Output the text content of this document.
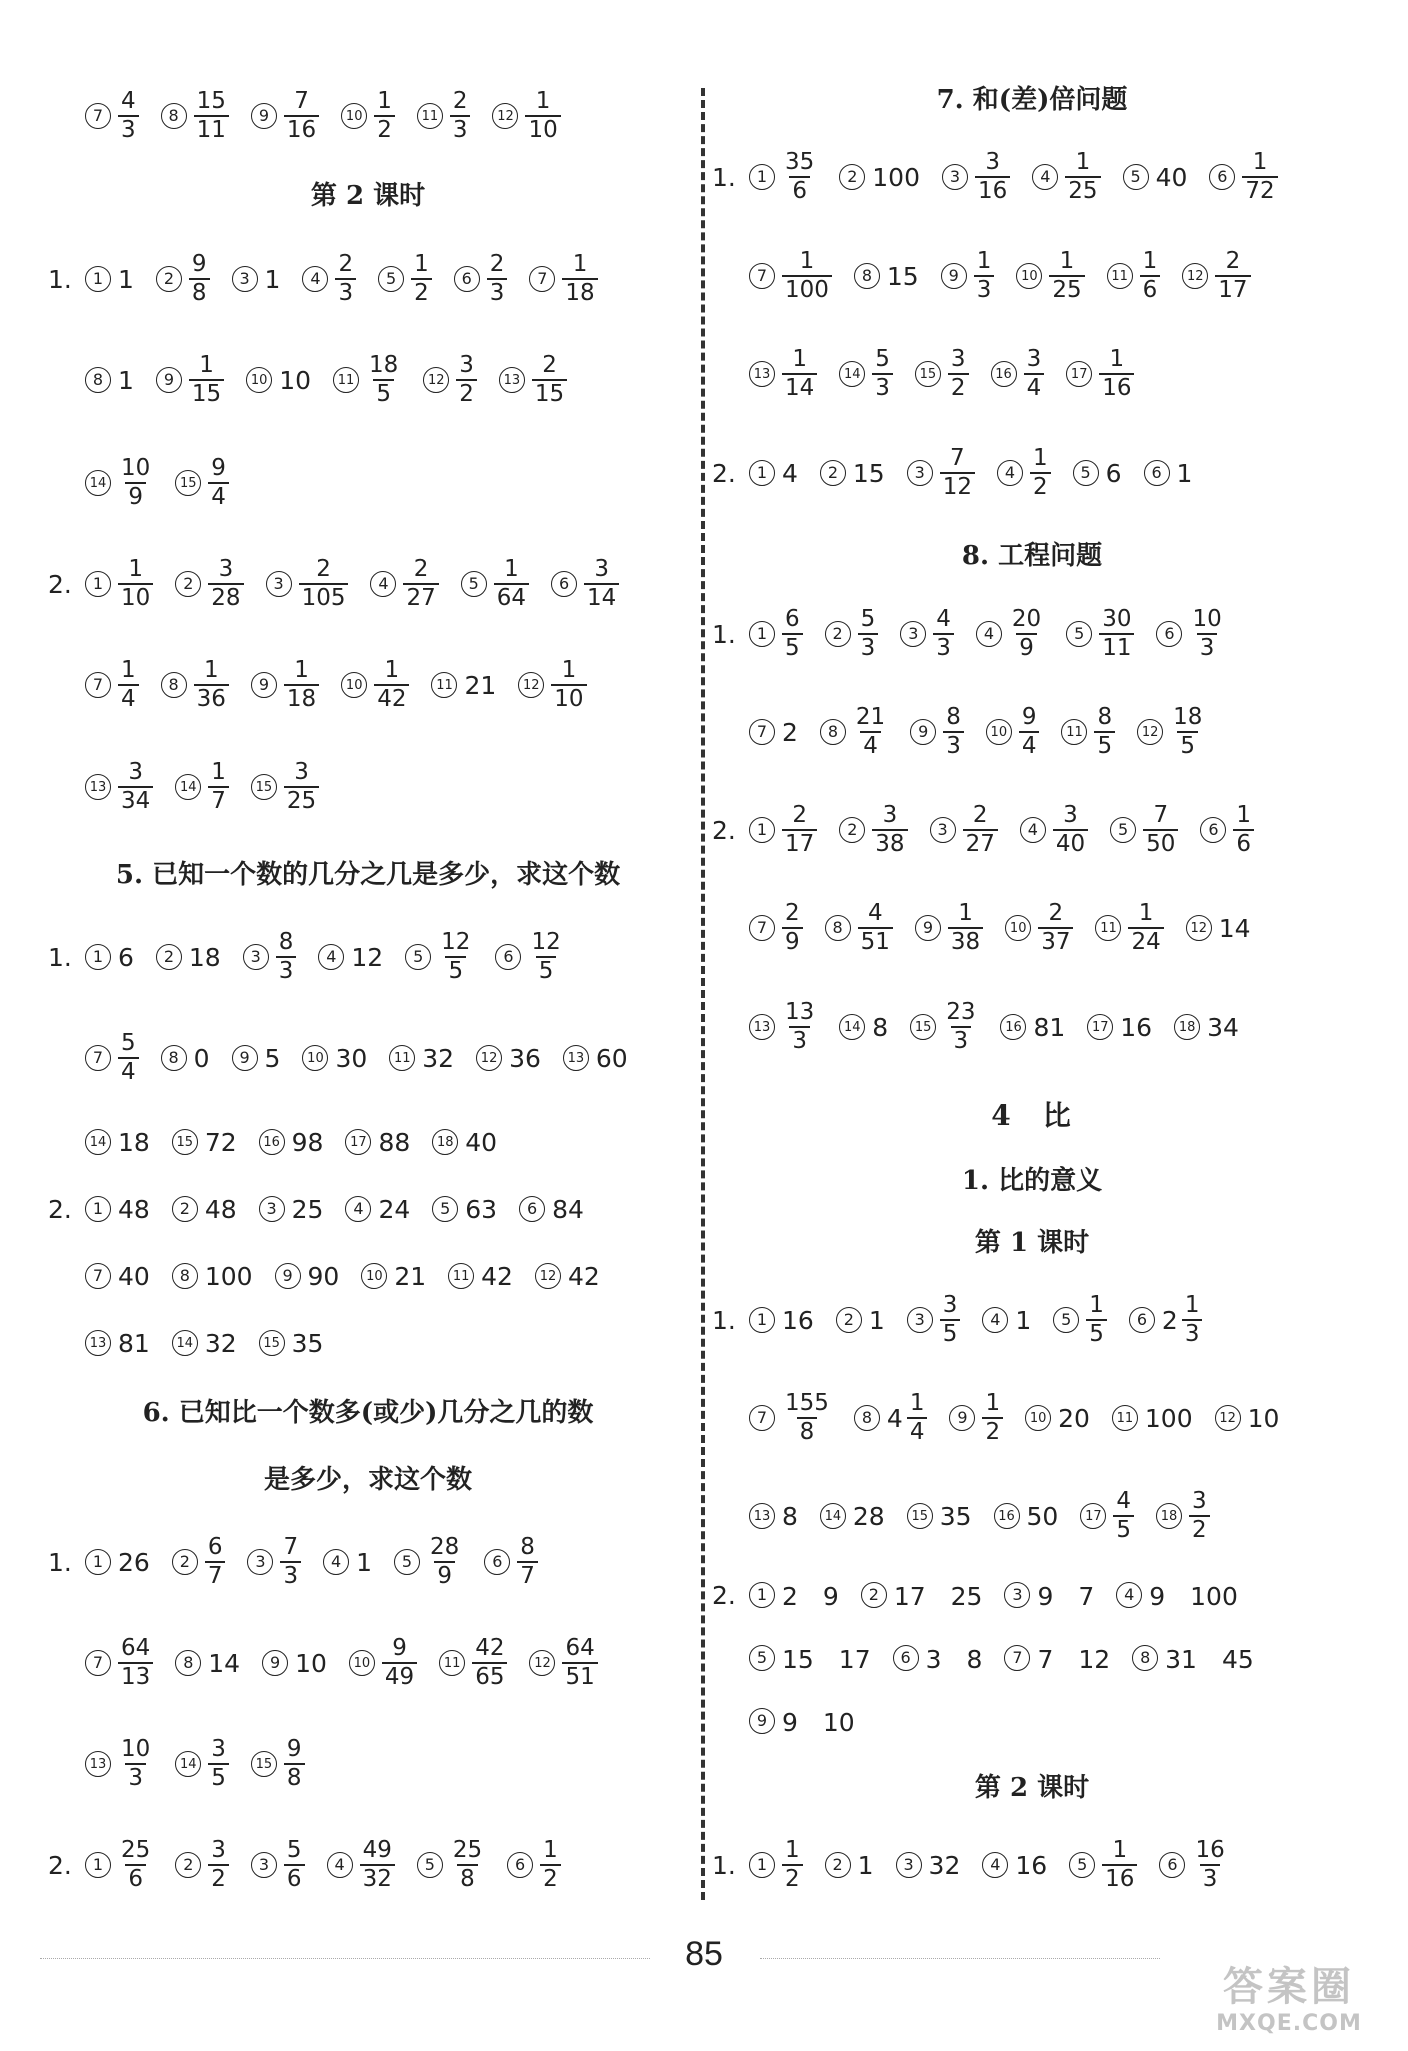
$7 \frac{4}{3}$	$8 \frac{15}{11}$	$9 \frac{7}{16}$	$10 \frac{1}{2}$	$11 \frac{2}{3}$	$12 \frac{1}{10}$
第 2 课时
1.	1 1	$2 \frac{9}{8}$	3 1	$4 \frac{2}{3}$	$5 \frac{1}{2}$	$6 \frac{2}{3}$	$7 \frac{1}{18}$
8 1	$9 \frac{1}{15}$	10 10	$11 \frac{18}{5}$	$12 \frac{3}{2}$	$13 \frac{2}{15}$
$14 \frac{10}{9}$	$15 \frac{9}{4}$
2.	$1 \frac{1}{10}$	$2 \frac{3}{28}$	$3 \frac{2}{105}$	$4 \frac{2}{27}$	$5 \frac{1}{64}$	$6 \frac{3}{14}$
$7 \frac{1}{4}$	$8 \frac{1}{36}$	$9 \frac{1}{18}$	$10 \frac{1}{42}$	11 21	$12 \frac{1}{10}$
$13 \frac{3}{34}$	$14 \frac{1}{7}$	$15 \frac{3}{25}$
5. 已知一个数的几分之几是多少，求这个数
1.	1 6	2 18	$3 \frac{8}{3}$	4 12	$5 \frac{12}{5}$	$6 \frac{12}{5}$
$7 \frac{5}{4}$	8 0	9 5	10 30	11 32	12 36	13 60
14 18	15 72	16 98	17 88	18 40
2.	1 48	2 48	3 25	4 24	5 63	6 84
7 40	8 100	9 90	10 21	11 42	12 42
13 81	14 32	15 35
6. 已知比一个数多(或少)几分之几的数
是多少，求这个数
1.	1 26	$2 \frac{6}{7}$	$3 \frac{7}{3}$	4 1	$5 \frac{28}{9}$	$6 \frac{8}{7}$
$7 \frac{64}{13}$	8 14	9 10	$10 \frac{9}{49}$	$11 \frac{42}{65}$	$12 \frac{64}{51}$
$13 \frac{10}{3}$	$14 \frac{3}{5}$	$15 \frac{9}{8}$
2.	$1 \frac{25}{6}$	$2 \frac{3}{2}$	$3 \frac{5}{6}$	$4 \frac{49}{32}$	$5 \frac{25}{8}$	$6 \frac{1}{2}$
7. 和(差)倍问题
1.	$1 \frac{35}{6}$	2 100	$3 \frac{3}{16}$	$4 \frac{1}{25}$	5 40	$6 \frac{1}{72}$
$7 \frac{1}{100}$	8 15	$9 \frac{1}{3}$	$10 \frac{1}{25}$	$11 \frac{1}{6}$	$12 \frac{2}{17}$
$13 \frac{1}{14}$	$14 \frac{5}{3}$	$15 \frac{3}{2}$	$16 \frac{3}{4}$	$17 \frac{1}{16}$
2.	1 4	2 15	$3 \frac{7}{12}$	$4 \frac{1}{2}$	5 6	6 1
8. 工程问题
1.	$1 \frac{6}{5}$	$2 \frac{5}{3}$	$3 \frac{4}{3}$	$4 \frac{20}{9}$	$5 \frac{30}{11}$	$6 \frac{10}{3}$
7 2	$8 \frac{21}{4}$	$9 \frac{8}{3}$	$10 \frac{9}{4}$	$11 \frac{8}{5}$	$12 \frac{18}{5}$
2.	$1 \frac{2}{17}$	$2 \frac{3}{38}$	$3 \frac{2}{27}$	$4 \frac{3}{40}$	$5 \frac{7}{50}$	$6 \frac{1}{6}$
$7 \frac{2}{9}$	$8 \frac{4}{51}$	$9 \frac{1}{38}$	$10 \frac{2}{37}$	$11 \frac{1}{24}$	12 14
$13 \frac{13}{3}$	14 8	$15 \frac{23}{3}$	16 81	17 16	18 34
4　比
1. 比的意义
第 1 课时
1.	1 16	2 1	$3 \frac{3}{5}$	4 1	$5 \frac{1}{5}$	6 $2 \frac{1}{3}$
$7 \frac{155}{8}$	8 $4 \frac{1}{4}$	$9 \frac{1}{2}$	10 20	11 100	12 10
13 8	14 28	15 35	16 50	$17 \frac{4}{5}$	$18 \frac{3}{2}$
2.	1 2　9	2 17　25	3 9　7	4 9　100
5 15　17	6 3　8	7 7　12	8 31　45
9 9　10
第 2 课时
1.	$1 \frac{1}{2}$	2 1	3 32	4 16	$5 \frac{1}{16}$	$6 \frac{16}{3}$
85
答案圈
MXQE.COM
